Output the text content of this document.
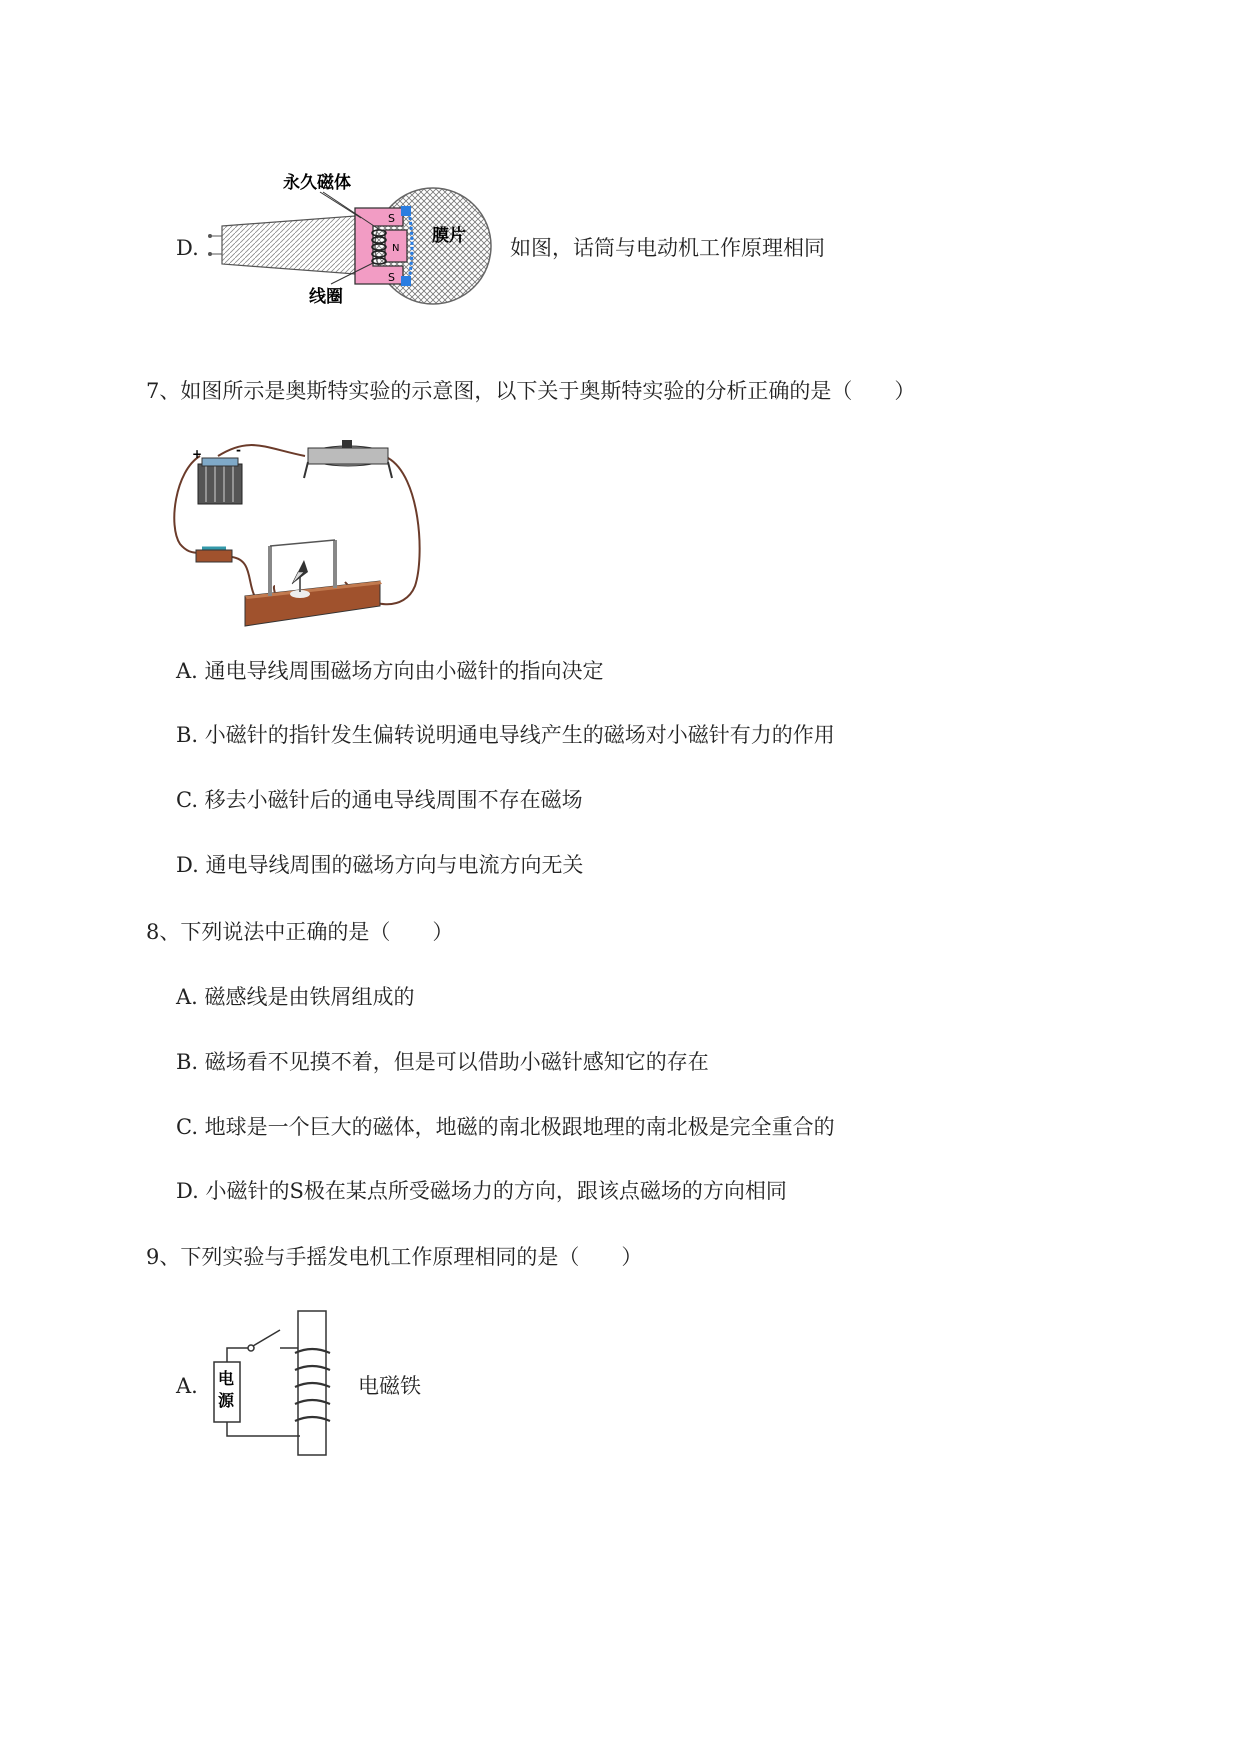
D.
S
N
S
永久磁体
膜片
线圈
如图，话筒与电动机工作原理相同
7、如图所示是奥斯特实验的示意图，以下关于奥斯特实验的分析正确的是（　　）
+	-
A. 通电导线周围磁场方向由小磁针的指向决定
B. 小磁针的指针发生偏转说明通电导线产生的磁场对小磁针有力的作用
C. 移去小磁针后的通电导线周围不存在磁场
D. 通电导线周围的磁场方向与电流方向无关
8、下列说法中正确的是（　　）
A. 磁感线是由铁屑组成的
B. 磁场看不见摸不着，但是可以借助小磁针感知它的存在
C. 地球是一个巨大的磁体，地磁的南北极跟地理的南北极是完全重合的
D. 小磁针的S极在某点所受磁场力的方向，跟该点磁场的方向相同
9、下列实验与手摇发电机工作原理相同的是（　　）
A. 电
源
电磁铁
